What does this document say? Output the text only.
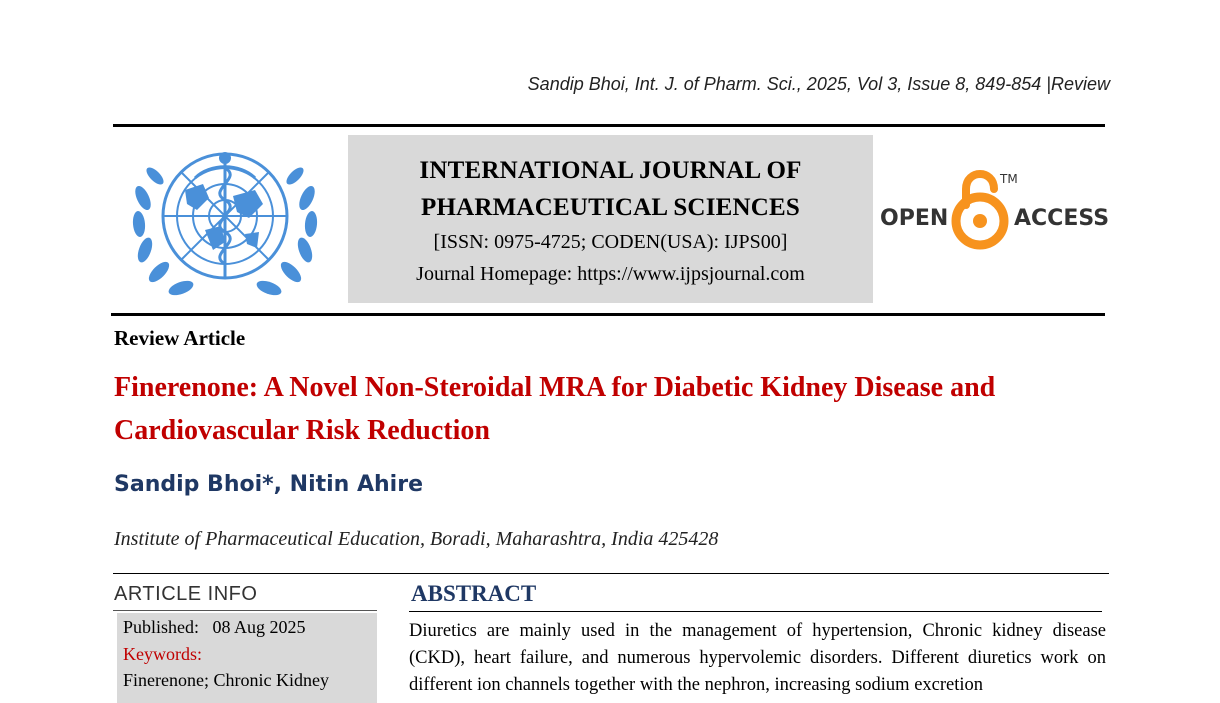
Sandip Bhoi, Int. J. of Pharm. Sci., 2025, Vol 3, Issue 8, 849-854 |Review
INTERNATIONAL JOURNAL OF
PHARMACEUTICAL SCIENCES
[ISSN: 0975-4725; CODEN(USA): IJPS00]
Journal Homepage: https://www.ijpsjournal.com
OPEN	ACCESS
TM
Review Article
Finerenone: A Novel Non-Steroidal MRA for Diabetic Kidney Disease and Cardiovascular Risk Reduction
Sandip Bhoi*, Nitin Ahire
Institute of Pharmaceutical Education, Boradi, Maharashtra, India 425428
ARTICLE INFO
Published: 08 Aug 2025
Keywords:
Finerenone; Chronic Kidney
ABSTRACT
Diuretics are mainly used in the management of hypertension, Chronic kidney disease (CKD), heart failure, and numerous hypervolemic disorders. Different diuretics work on different ion channels together with the nephron, increasing sodium excretion
